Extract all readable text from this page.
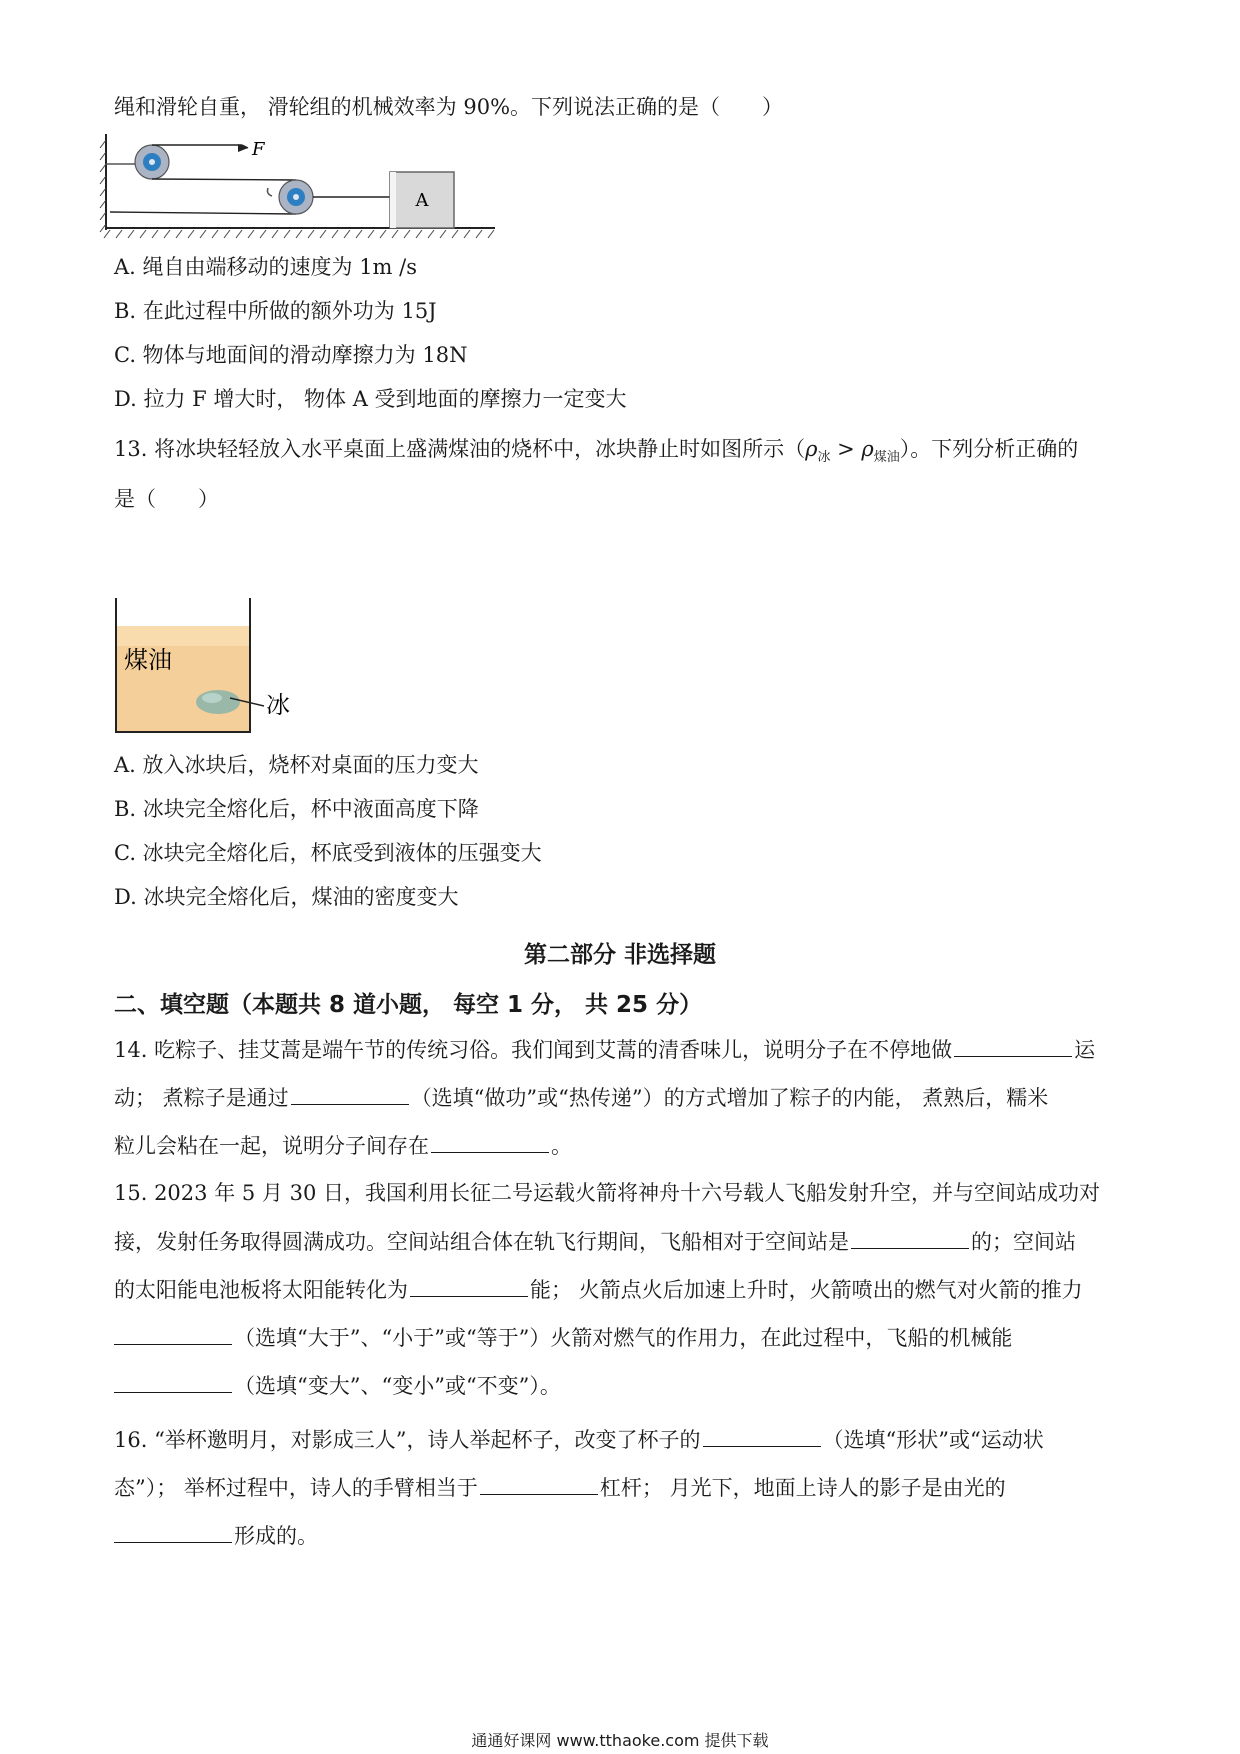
绳和滑轮自重， 滑轮组的机械效率为 90%。下列说法正确的是（　　）
F
A
A. 绳自由端移动的速度为 1m /s
B. 在此过程中所做的额外功为 15J
C. 物体与地面间的滑动摩擦力为 18N
D. 拉力 F 增大时， 物体 A 受到地面的摩擦力一定变大
13. 将冰块轻轻放入水平桌面上盛满煤油的烧杯中，冰块静止时如图所示$(\rho_冰 > \rho_{煤油})$。下列分析正确的
是（　　）
煤油
冰
A. 放入冰块后，烧杯对桌面的压力变大
B. 冰块完全熔化后，杯中液面高度下降
C. 冰块完全熔化后，杯底受到液体的压强变大
D. 冰块完全熔化后，煤油的密度变大
第二部分 非选择题
二、填空题（本题共 8 道小题， 每空 1 分， 共 25 分）
14. 吃粽子、挂艾蒿是端午节的传统习俗。我们闻到艾蒿的清香味儿，说明分子在不停地做	运
动； 煮粽子是通过	（选填“做功”或“热传递”）的方式增加了粽子的内能， 煮熟后，糯米
粒儿会粘在一起，说明分子间存在	。
15. 2023 年 5 月 30 日，我国利用长征二号运载火箭将神舟十六号载人飞船发射升空，并与空间站成功对
接，发射任务取得圆满成功。空间站组合体在轨飞行期间，飞船相对于空间站是	的；空间站
的太阳能电池板将太阳能转化为	能； 火箭点火后加速上升时，火箭喷出的燃气对火箭的推力
（选填“大于”、“小于”或“等于”）火箭对燃气的作用力，在此过程中，飞船的机械能
（选填“变大”、“变小”或“不变”）。
16. “举杯邀明月，对影成三人”，诗人举起杯子，改变了杯子的	（选填“形状”或“运动状
态”）； 举杯过程中，诗人的手臂相当于	杠杆； 月光下，地面上诗人的影子是由光的
形成的。
通通好课网 www.tthaoke.com 提供下载
